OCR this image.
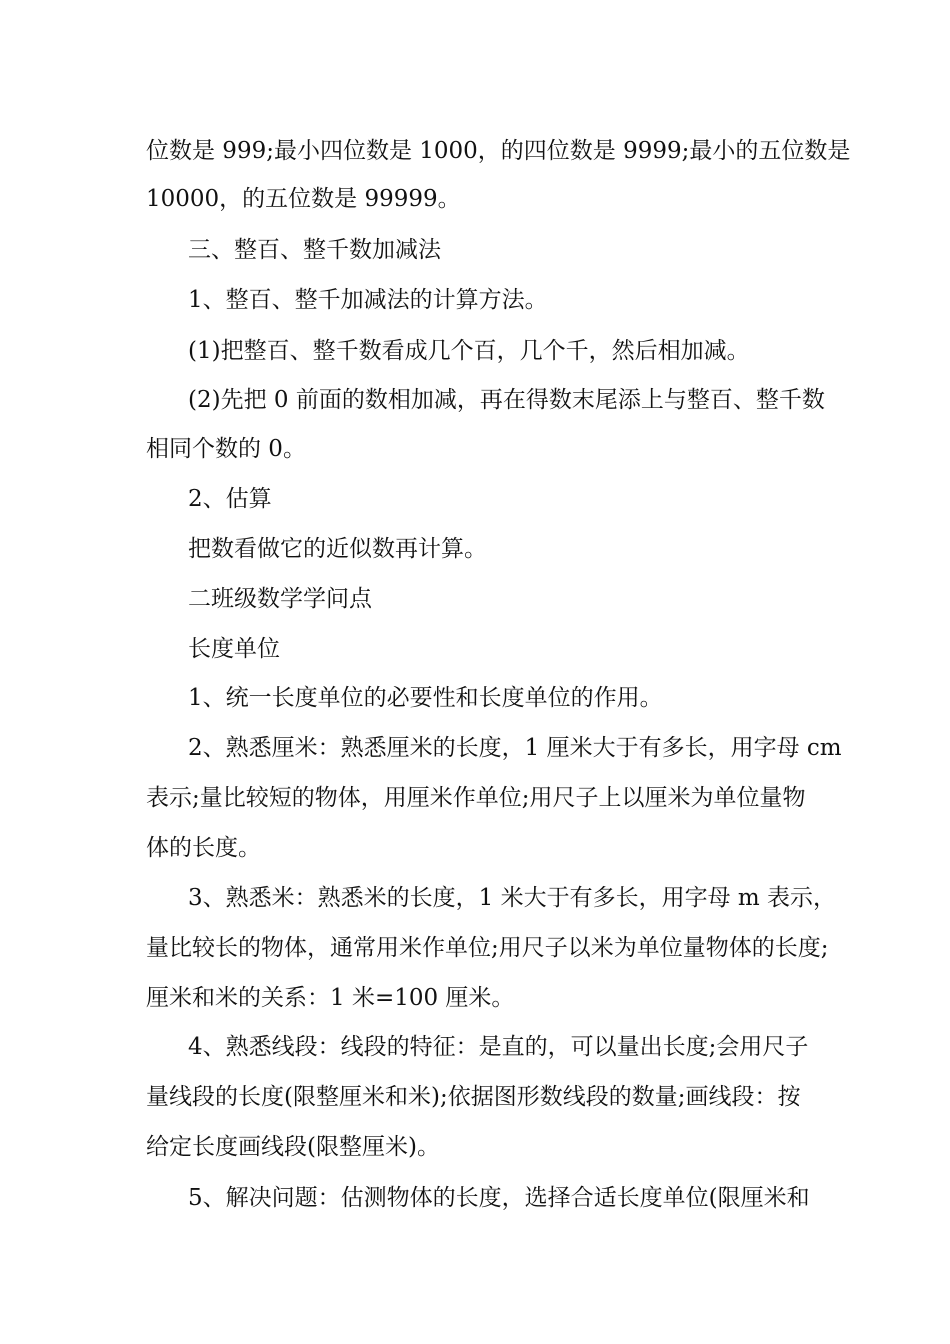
位数是 999;最小四位数是 1000，的四位数是 9999;最小的五位数是
10000，的五位数是 99999。
三、整百、整千数加减法
1、整百、整千加减法的计算方法。
(1)把整百、整千数看成几个百，几个千，然后相加减。
(2)先把 0 前面的数相加减，再在得数末尾添上与整百、整千数
相同个数的 0。
2、估算
把数看做它的近似数再计算。
二班级数学学问点
长度单位
1、统一长度单位的必要性和长度单位的作用。
2、熟悉厘米：熟悉厘米的长度，1 厘米大于有多长，用字母 cm
表示;量比较短的物体，用厘米作单位;用尺子上以厘米为单位量物
体的长度。
3、熟悉米：熟悉米的长度，1 米大于有多长，用字母 m 表示，
量比较长的物体，通常用米作单位;用尺子以米为单位量物体的长度;
厘米和米的关系：1 米=100 厘米。
4、熟悉线段：线段的特征：是直的，可以量出长度;会用尺子
量线段的长度(限整厘米和米);依据图形数线段的数量;画线段：按
给定长度画线段(限整厘米)。
5、解决问题：估测物体的长度，选择合适长度单位(限厘米和
